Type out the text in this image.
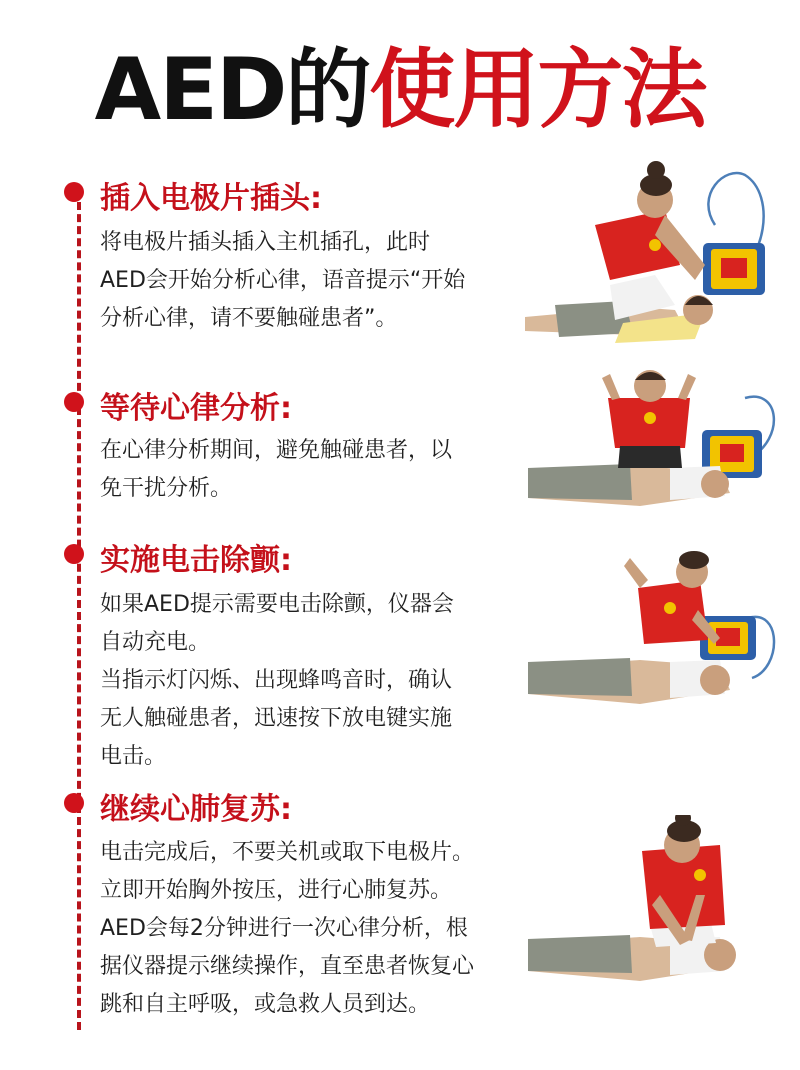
AED的使用方法
插入电极片插头:

将电极片插头插入主机插孔，此时

AED会开始分析心律，语音提示“开始

分析心律，请不要触碰患者”。

等待心律分析:

在心律分析期间，避免触碰患者，以

免干扰分析。

实施电击除颤:

如果AED提示需要电击除颤，仪器会

自动充电。

当指示灯闪烁、出现蜂鸣音时，确认

无人触碰患者，迅速按下放电键实施

电击。

继续心肺复苏:

电击完成后，不要关机或取下电极片。

立即开始胸外按压，进行心肺复苏。

AED会每2分钟进行一次心律分析，根

据仪器提示继续操作，直至患者恢复心

跳和自主呼吸，或急救人员到达。
